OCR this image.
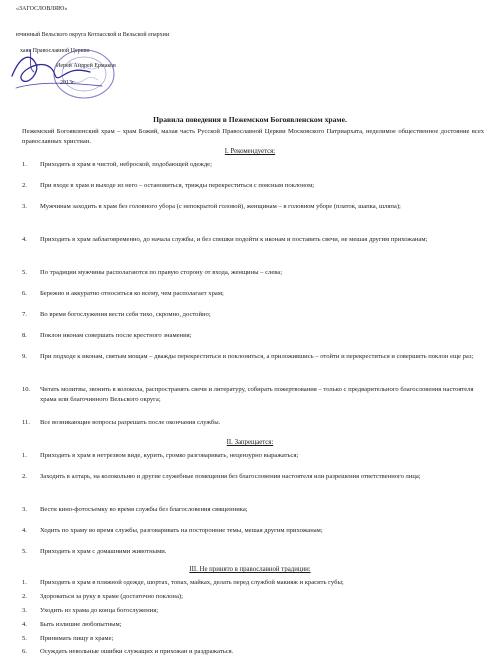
«ЗАГОСЛОВЛЯЮ»
ючинный Вельского округа Котласской и Вельской епархии
хаяя Православной Церкви
Иерей Андрей Ермаков
2013г.
Правила поведения в Пежемском Богоявленском храме.
Пежемский Богоявленский храм – храм Божий, малая часть Русской Православной Церкви Московского Патриархата, неделимое общественное достояние всех православных христиан.
I. Рекомендуется:
1. Приходить в храм в чистой, неброской, подобающей одежде;
2. При входе в храм и выходе из него – остановиться, трижды перекреститься с поясным поклоном;
3. Мужчинам заходить в храм без головного убора (с непокрытой головой), женщинам – в головном уборе (платок, шапка, шляпа);
4. Приходить в храм заблаговременно, до начала службы, и без спешки подойти к иконам и поставить свечи, не мешая другим прихожанам;
5. По традиции мужчины располагаются по правую сторону от входа, женщины – слева;
6. Бережно и аккуратно относиться ко всему, чем располагает храм;
7. Во время богослужения вести себя тихо, скромно, достойно;
8. Поклон иконам совершать после крестного знамения;
9. При подходе к иконам, святым мощам – дважды перекреститься и поклониться, а приложившись – отойти и перекреститься и совершить поклон еще раз;
10. Читать молитвы, звонить в колокола, распространять свечи и литературу, собирать пожертвования – только с предварительного благословения настоятеля храма или благочинного Вельского округа;
11. Все возникающие вопросы разрешать после окончания службы.
II. Запрещается:
1. Приходить в храм в нетрезвом виде, курить, громко разговаривать, нецензурно выражаться;
2. Заходить в алтарь, на колокольню и другие служебные помещения без благословения настоятеля или разрешения ответственного лица;
3. Вести кино-фотосъемку во время службы без благословения священника;
4. Ходить по храму во время службы, разговаривать на посторонние темы, мешая другим прихожанам;
5. Приходить в храм с домашними животными.
III. Не принято в православной традиции:
1. Приходить в храм в пляжной одежде, шортах, топах, майках, делать перед службой макияж и красить губы;
2. Здороваться за руку в храме (достаточно поклона);
3. Уходить из храма до конца богослужения;
4. Быть излишне любопытным;
5. Принимать пищу в храме;
6. Осуждать невольные ошибки служащих и прихожан и раздражаться.
